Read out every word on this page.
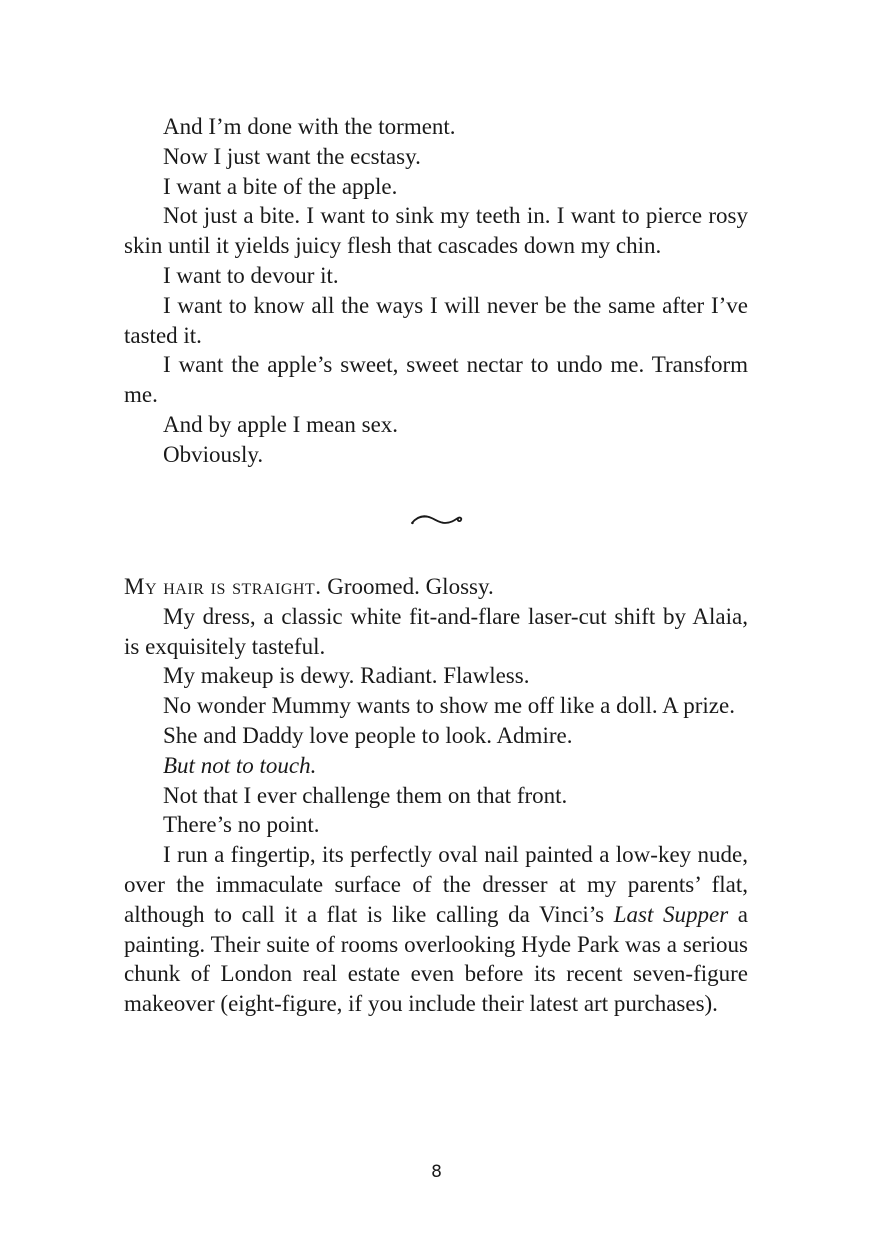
And I’m done with the torment.

Now I just want the ecstasy.

I want a bite of the apple.

Not just a bite. I want to sink my teeth in. I want to pierce rosy skin until it yields juicy flesh that cascades down my chin.

I want to devour it.

I want to know all the ways I will never be the same after I’ve tasted it.

I want the apple’s sweet, sweet nectar to undo me. Transform me.

And by apple I mean sex.

Obviously.

My hair is straight. Groomed. Glossy.

My dress, a classic white fit-and-flare laser-cut shift by Alaia, is exquisitely tasteful.

My makeup is dewy. Radiant. Flawless.

No wonder Mummy wants to show me off like a doll. A prize.

She and Daddy love people to look. Admire.

But not to touch.

Not that I ever challenge them on that front.

There’s no point.

I run a fingertip, its perfectly oval nail painted a low-key nude, over the immaculate surface of the dresser at my parents’ flat, although to call it a flat is like calling da Vinci’s Last Supper a painting. Their suite of rooms overlooking Hyde Park was a serious chunk of London real estate even before its recent seven-figure makeover (eight-figure, if you include their latest art purchases).

8
